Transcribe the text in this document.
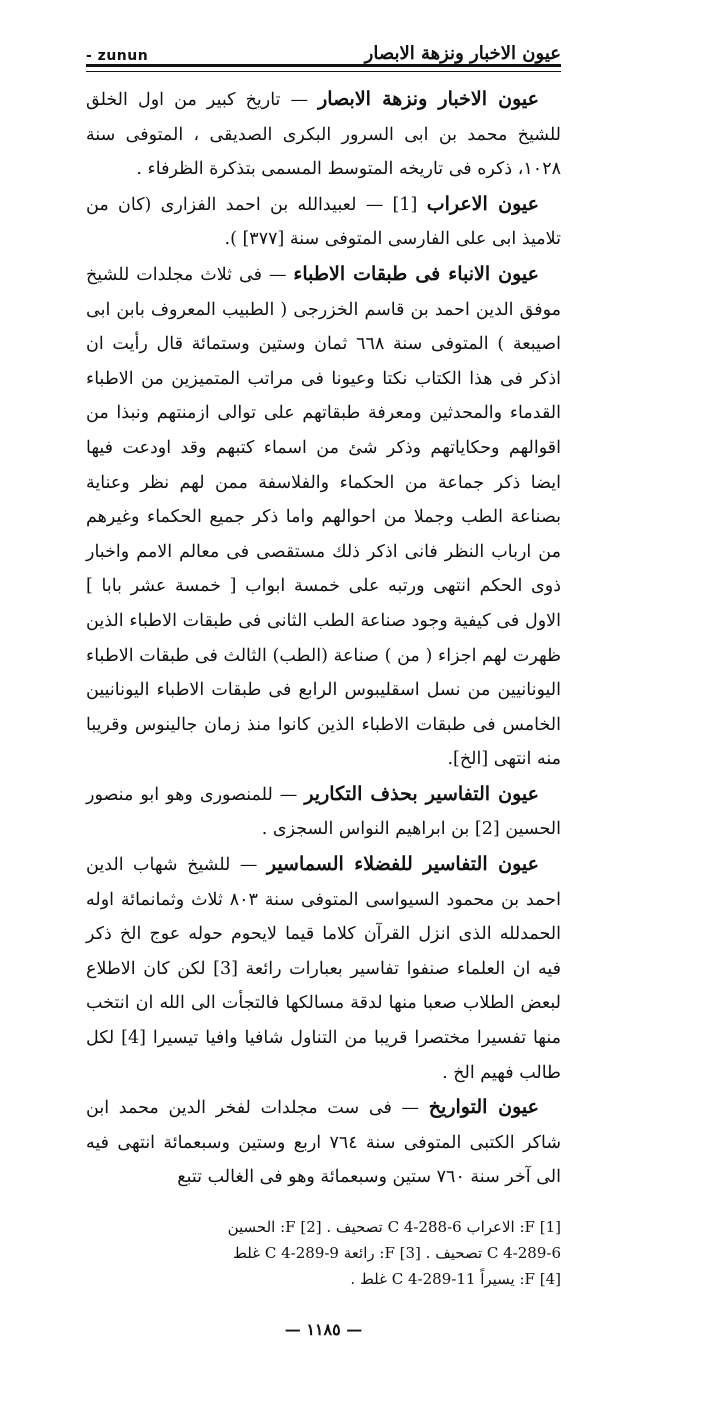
- zunun	عيون الاخبار ونزهة الابصار

عيون الاخبار ونزهة الابصار — تاريخ كبير من اول الخلق للشيخ محمد بن ابى السرور البكرى الصديقى ، المتوفى سنة ١٠٢٨، ذكره فى تاريخه المتوسط المسمى بتذكرة الظرفاء .

عيون الاعراب [1] — لعبيدالله بن احمد الفزارى (كان من تلاميذ ابى على الفارسى المتوفى سنة [٣٧٧] ).

عيون الانباء فى طبقات الاطباء — فى ثلاث مجلدات للشيخ موفق الدين احمد بن قاسم الخزرجى ( الطبيب المعروف بابن ابى اصيبعة ) المتوفى سنة ٦٦٨ ثمان وستين وستمائة قال رأيت ان اذكر فى هذا الكتاب نكتا وعيونا فى مراتب المتميزين من الاطباء القدماء والمحدثين ومعرفة طبقاتهم على توالى ازمنتهم ونبذا من اقوالهم وحكاياتهم وذكر شئ من اسماء كتبهم وقد اودعت فيها ايضا ذكر جماعة من الحكماء والفلاسفة ممن لهم نظر وعناية بصناعة الطب وجملا من احوالهم واما ذكر جميع الحكماء وغيرهم من ارباب النظر فانى اذكر ذلك مستقصى فى معالم الامم واخبار ذوى الحكم انتهى ورتبه على خمسة ابواب [ خمسة عشر بابا ] الاول فى كيفية وجود صناعة الطب الثانى فى طبقات الاطباء الذين ظهرت لهم اجزاء ( من ) صناعة (الطب) الثالث فى طبقات الاطباء اليونانيين من نسل اسقليبوس الرابع فى طبقات الاطباء اليونانيين الخامس فى طبقات الاطباء الذين كانوا منذ زمان جالينوس وقريبا منه انتهى [الخ].

عيون التفاسير بحذف التكارير — للمنصورى وهو ابو منصور الحسين [2] بن ابراهيم النواس السجزى .

عيون التفاسير للفضلاء السماسير — للشيخ شهاب الدين احمد بن محمود السيواسى المتوفى سنة ٨٠٣ ثلاث وثمانمائة اوله الحمدلله الذى انزل القرآن كلاما قيما لايحوم حوله عوج الخ ذكر فيه ان العلماء صنفوا تفاسير بعبارات رائعة [3] لكن كان الاطلاع لبعض الطلاب صعبا منها لدقة مسالكها فالتجأت الى الله ان انتخب منها تفسيرا مختصرا قريبا من التناول شافيا وافيا تيسيرا [4] لكل طالب فهيم الخ .

عيون التواريخ — فى ست مجلدات لفخر الدين محمد ابن شاكر الكتبى المتوفى سنة ٧٦٤ اربع وستين وسبعمائة انتهى فيه الى آخر سنة ٧٦٠ ستين وسبعمائة وهو فى الغالب تتبع

[1] F: الاعراب C 4-288-6 تصحيف . [2] F: الحسين
C 4-289-6 تصحيف . [3] F: رائعة C 4-289-9 غلط
[4] F: يسيراً C 4-289-11 غلط .
— ١١٨٥ —
